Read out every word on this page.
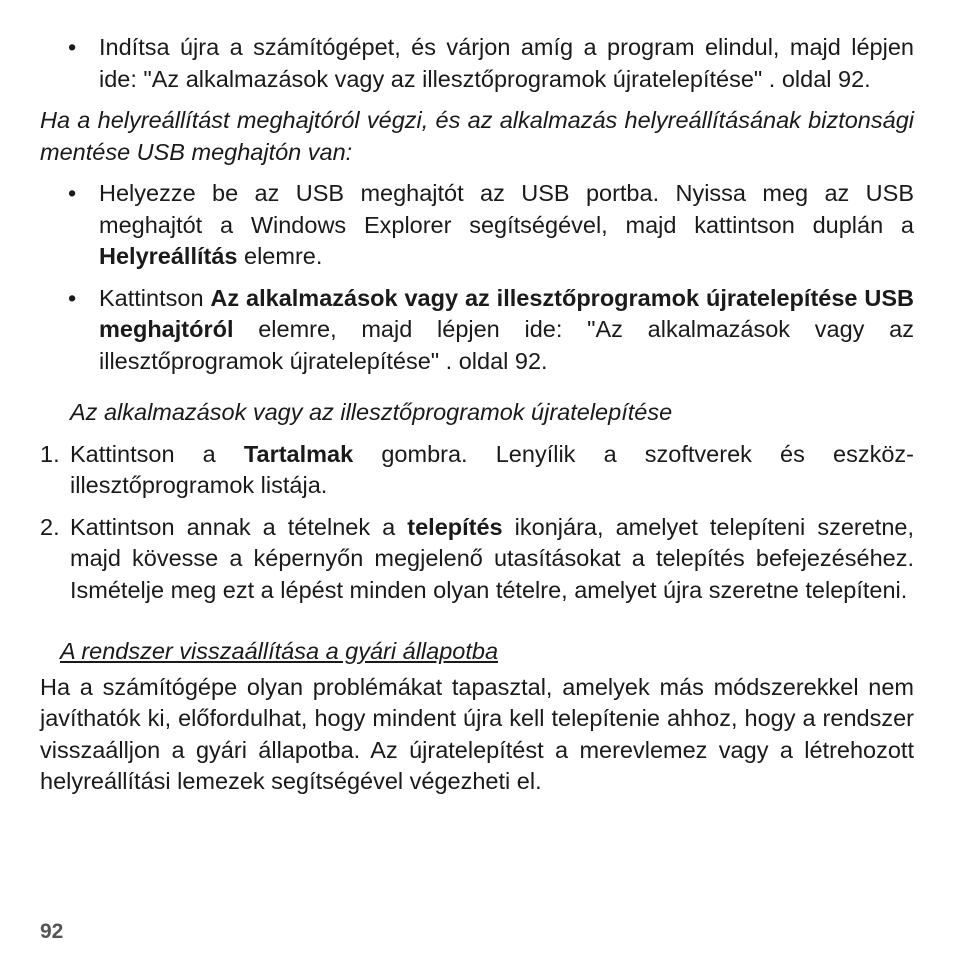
• Indítsa újra a számítógépet, és várjon amíg a program elindul, majd lépjen ide: "Az alkalmazások vagy az illesztőprogramok újratelepítése" . oldal 92.

Ha a helyreállítást meghajtóról végzi, és az alkalmazás helyreállításának biztonsági mentése USB meghajtón van:

• Helyezze be az USB meghajtót az USB portba. Nyissa meg az USB meghajtót a Windows Explorer segítségével, majd kattintson duplán a Helyreállítás elemre.
• Kattintson Az alkalmazások vagy az illesztőprogramok újratelepítése USB meghajtóról elemre, majd lépjen ide: "Az alkalmazások vagy az illesztőprogramok újratelepítése" . oldal 92.

Az alkalmazások vagy az illesztőprogramok újratelepítése

1. Kattintson a Tartalmak gombra. Lenyílik a szoftverek és eszköz-illesztőprogramok listája.
2. Kattintson annak a tételnek a telepítés ikonjára, amelyet telepíteni szeretne, majd kövesse a képernyőn megjelenő utasításokat a telepítés befejezéséhez. Ismételje meg ezt a lépést minden olyan tételre, amelyet újra szeretne telepíteni.

A rendszer visszaállítása a gyári állapotba

Ha a számítógépe olyan problémákat tapasztal, amelyek más módszerekkel nem javíthatók ki, előfordulhat, hogy mindent újra kell telepítenie ahhoz, hogy a rendszer visszaálljon a gyári állapotba. Az újratelepítést a merevlemez vagy a létrehozott helyreállítási lemezek segítségével végezheti el.

92
